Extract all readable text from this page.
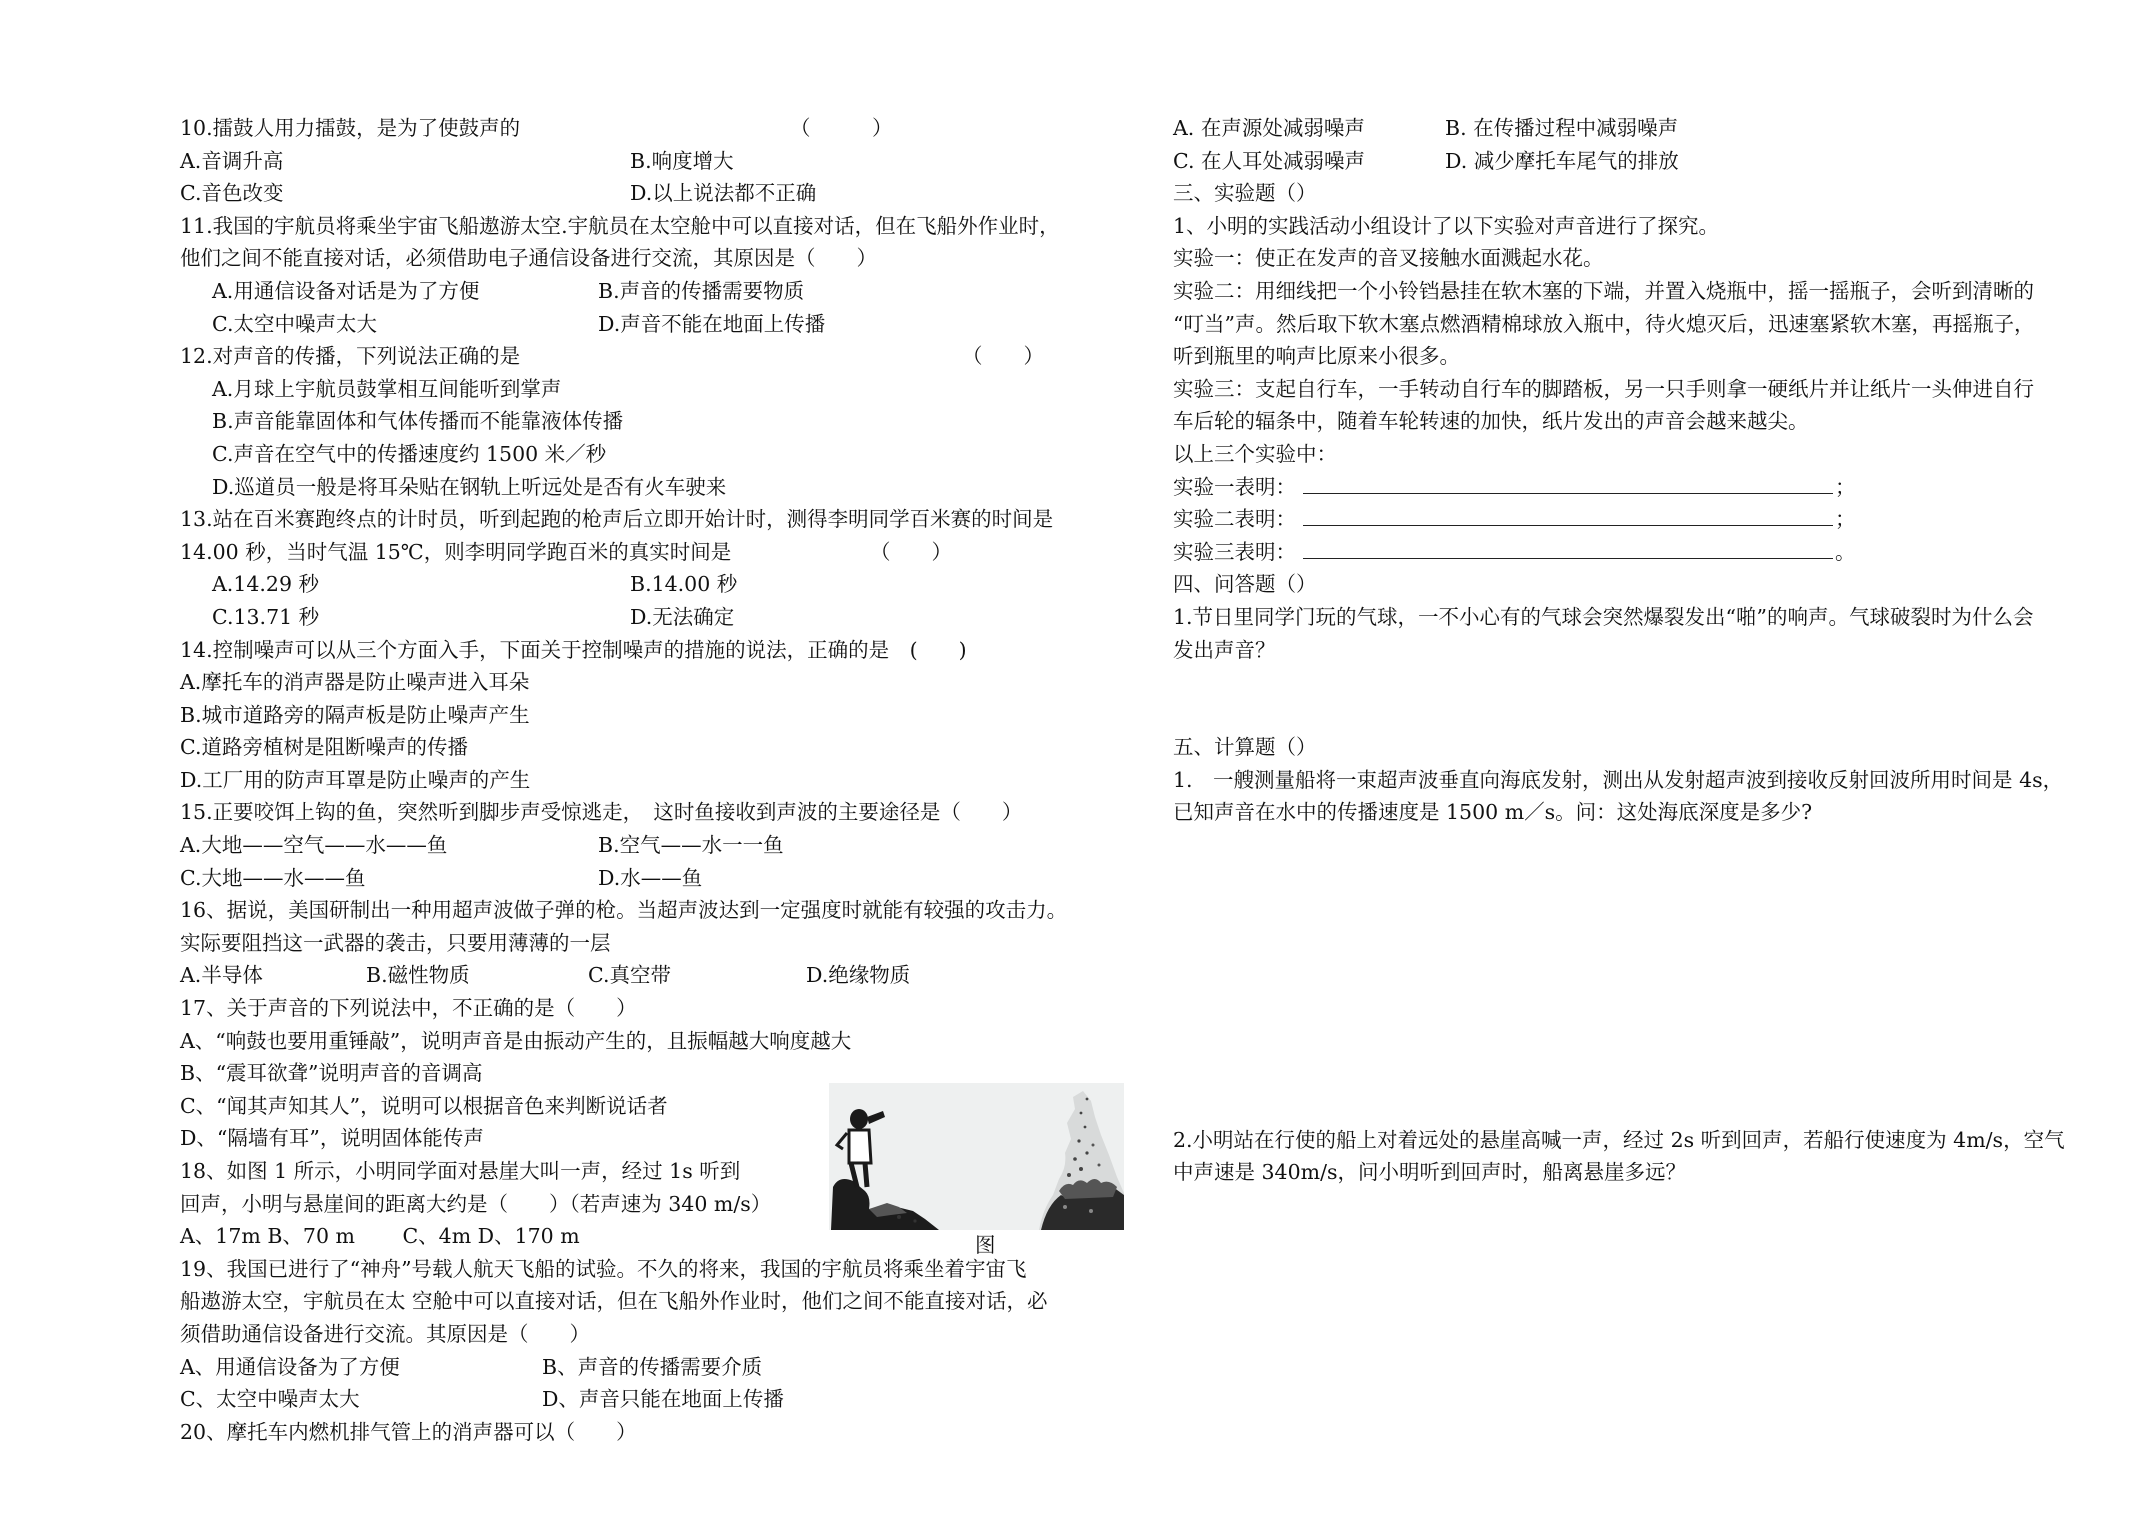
10.擂鼓人用力擂鼓，是为了使鼓声的	（　　　）
A.音调升高	B.响度增大
C.音色改变	D.以上说法都不正确
11.我国的宇航员将乘坐宇宙飞船遨游太空.宇航员在太空舱中可以直接对话，但在飞船外作业时，
他们之间不能直接对话，必须借助电子通信设备进行交流，其原因是（　　）
A.用通信设备对话是为了方便	B.声音的传播需要物质
C.太空中噪声太大	D.声音不能在地面上传播
12.对声音的传播，下列说法正确的是	（　　）
A.月球上宇航员鼓掌相互间能听到掌声
B.声音能靠固体和气体传播而不能靠液体传播
C.声音在空气中的传播速度约 1500 米／秒
D.巡道员一般是将耳朵贴在钢轨上听远处是否有火车驶来
13.站在百米赛跑终点的计时员，听到起跑的枪声后立即开始计时，测得李明同学百米赛的时间是
14.00 秒，当时气温 15℃，则李明同学跑百米的真实时间是	（　　）
A.14.29 秒	B.14.00 秒
C.13.71 秒	D.无法确定
14.控制噪声可以从三个方面入手，下面关于控制噪声的措施的说法，正确的是　(　　)
A.摩托车的消声器是防止噪声进入耳朵
B.城市道路旁的隔声板是防止噪声产生
C.道路旁植树是阻断噪声的传播
D.工厂用的防声耳罩是防止噪声的产生
15.正要咬饵上钩的鱼，突然听到脚步声受惊逃走，　这时鱼接收到声波的主要途径是（　　）
A.大地——空气——水——鱼	B.空气——水一一鱼
C.大地——水——鱼	D.水——鱼
16、据说，美国研制出一种用超声波做子弹的枪。当超声波达到一定强度时就能有较强的攻击力。
实际要阻挡这一武器的袭击，只要用薄薄的一层
A.半导体	B.磁性物质	C.真空带	D.绝缘物质
17、关于声音的下列说法中，不正确的是（　　）
A、“响鼓也要用重锤敲”，说明声音是由振动产生的，且振幅越大响度越大
B、“震耳欲聋”说明声音的音调高
C、“闻其声知其人”，说明可以根据音色来判断说话者
D、“隔墙有耳”，说明固体能传声
18、如图 1 所示，小明同学面对悬崖大叫一声，经过 1s 听到
回声，小明与悬崖间的距离大约是（　　）（若声速为 340 m/s）
A、17m B、70 m　　 C、4m D、170 m
19、我国已进行了“神舟”号载人航天飞船的试验。不久的将来，我国的宇航员将乘坐着宇宙飞
船遨游太空，宇航员在太 空舱中可以直接对话，但在飞船外作业时，他们之间不能直接对话，必
须借助通信设备进行交流。其原因是（　　）
A、用通信设备为了方便	B、声音的传播需要介质
C、太空中噪声太大	D、声音只能在地面上传播
20、摩托车内燃机排气管上的消声器可以（　　）
图
A. 在声源处减弱噪声	B. 在传播过程中减弱噪声
C. 在人耳处减弱噪声	D. 减少摩托车尾气的排放
三、实验题（）
1、小明的实践活动小组设计了以下实验对声音进行了探究。
实验一：使正在发声的音叉接触水面溅起水花。
实验二：用细线把一个小铃铛悬挂在软木塞的下端，并置入烧瓶中，摇一摇瓶子，会听到清晰的
“叮当”声。然后取下软木塞点燃酒精棉球放入瓶中，待火熄灭后，迅速塞紧软木塞，再摇瓶子，
听到瓶里的响声比原来小很多。
实验三：支起自行车，一手转动自行车的脚踏板，另一只手则拿一硬纸片并让纸片一头伸进自行
车后轮的辐条中，随着车轮转速的加快，纸片发出的声音会越来越尖。
以上三个实验中：
实验一表明：	；
实验二表明：	；
实验三表明：	。
四、问答题（）
1.节日里同学门玩的气球，一不小心有的气球会突然爆裂发出“啪”的响声。气球破裂时为什么会
发出声音？
五、计算题（）
1.　一艘测量船将一束超声波垂直向海底发射，测出从发射超声波到接收反射回波所用时间是 4s，
已知声音在水中的传播速度是 1500 m／s。问：这处海底深度是多少?
2.小明站在行使的船上对着远处的悬崖高喊一声，经过 2s 听到回声，若船行使速度为 4m/s，空气
中声速是 340m/s，问小明听到回声时，船离悬崖多远？
